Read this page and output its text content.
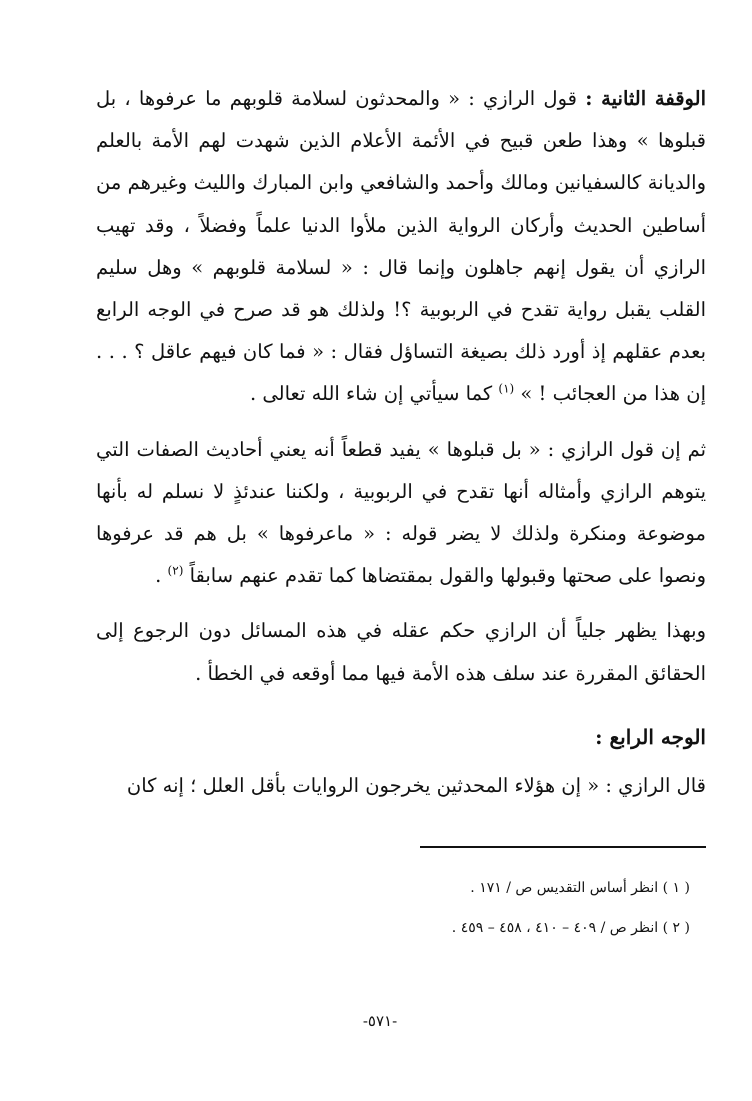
الوقفة الثانية : قول الرازي : « والمحدثون لسلامة قلوبهم ما عرفوها ، بل قبلوها » وهذا طعن قبيح في الأئمة الأعلام الذين شهدت لهم الأمة بالعلم والديانة كالسفيانين ومالك وأحمد والشافعي وابن المبارك والليث وغيرهم من أساطين الحديث وأركان الرواية الذين ملأوا الدنيا علماً وفضلاً ، وقد تهيب الرازي أن يقول إنهم جاهلون وإنما قال : « لسلامة قلوبهم » وهل سليم القلب يقبل رواية تقدح في الربوبية ؟! ولذلك هو قد صرح في الوجه الرابع بعدم عقلهم إذ أورد ذلك بصيغة التساؤل فقال : « فما كان فيهم عاقل ؟ . . . إن هذا من العجائب ! » $^{(١)}$ كما سيأتي إن شاء الله تعالى .

ثم إن قول الرازي : « بل قبلوها » يفيد قطعاً أنه يعني أحاديث الصفات التي يتوهم الرازي وأمثاله أنها تقدح في الربوبية ، ولكننا عندئذٍ لا نسلم له بأنها موضوعة ومنكرة ولذلك لا يضر قوله : « ماعرفوها » بل هم قد عرفوها ونصوا على صحتها وقبولها والقول بمقتضاها كما تقدم عنهم سابقاً $^{(٢)}$ .

وبهذا يظهر جلياً أن الرازي حكم عقله في هذه المسائل دون الرجوع إلى الحقائق المقررة عند سلف هذه الأمة فيها مما أوقعه في الخطأ .

الوجه الرابع :

قال الرازي : « إن هؤلاء المحدثين يخرجون الروايات بأقل العلل ؛ إنه كان

( ١ ) انظر أساس التقديس ص / ١٧١ .

( ٢ ) انظر ص / ٤٠٩ – ٤١٠ ، ٤٥٨ – ٤٥٩ .

-٥٧١-
